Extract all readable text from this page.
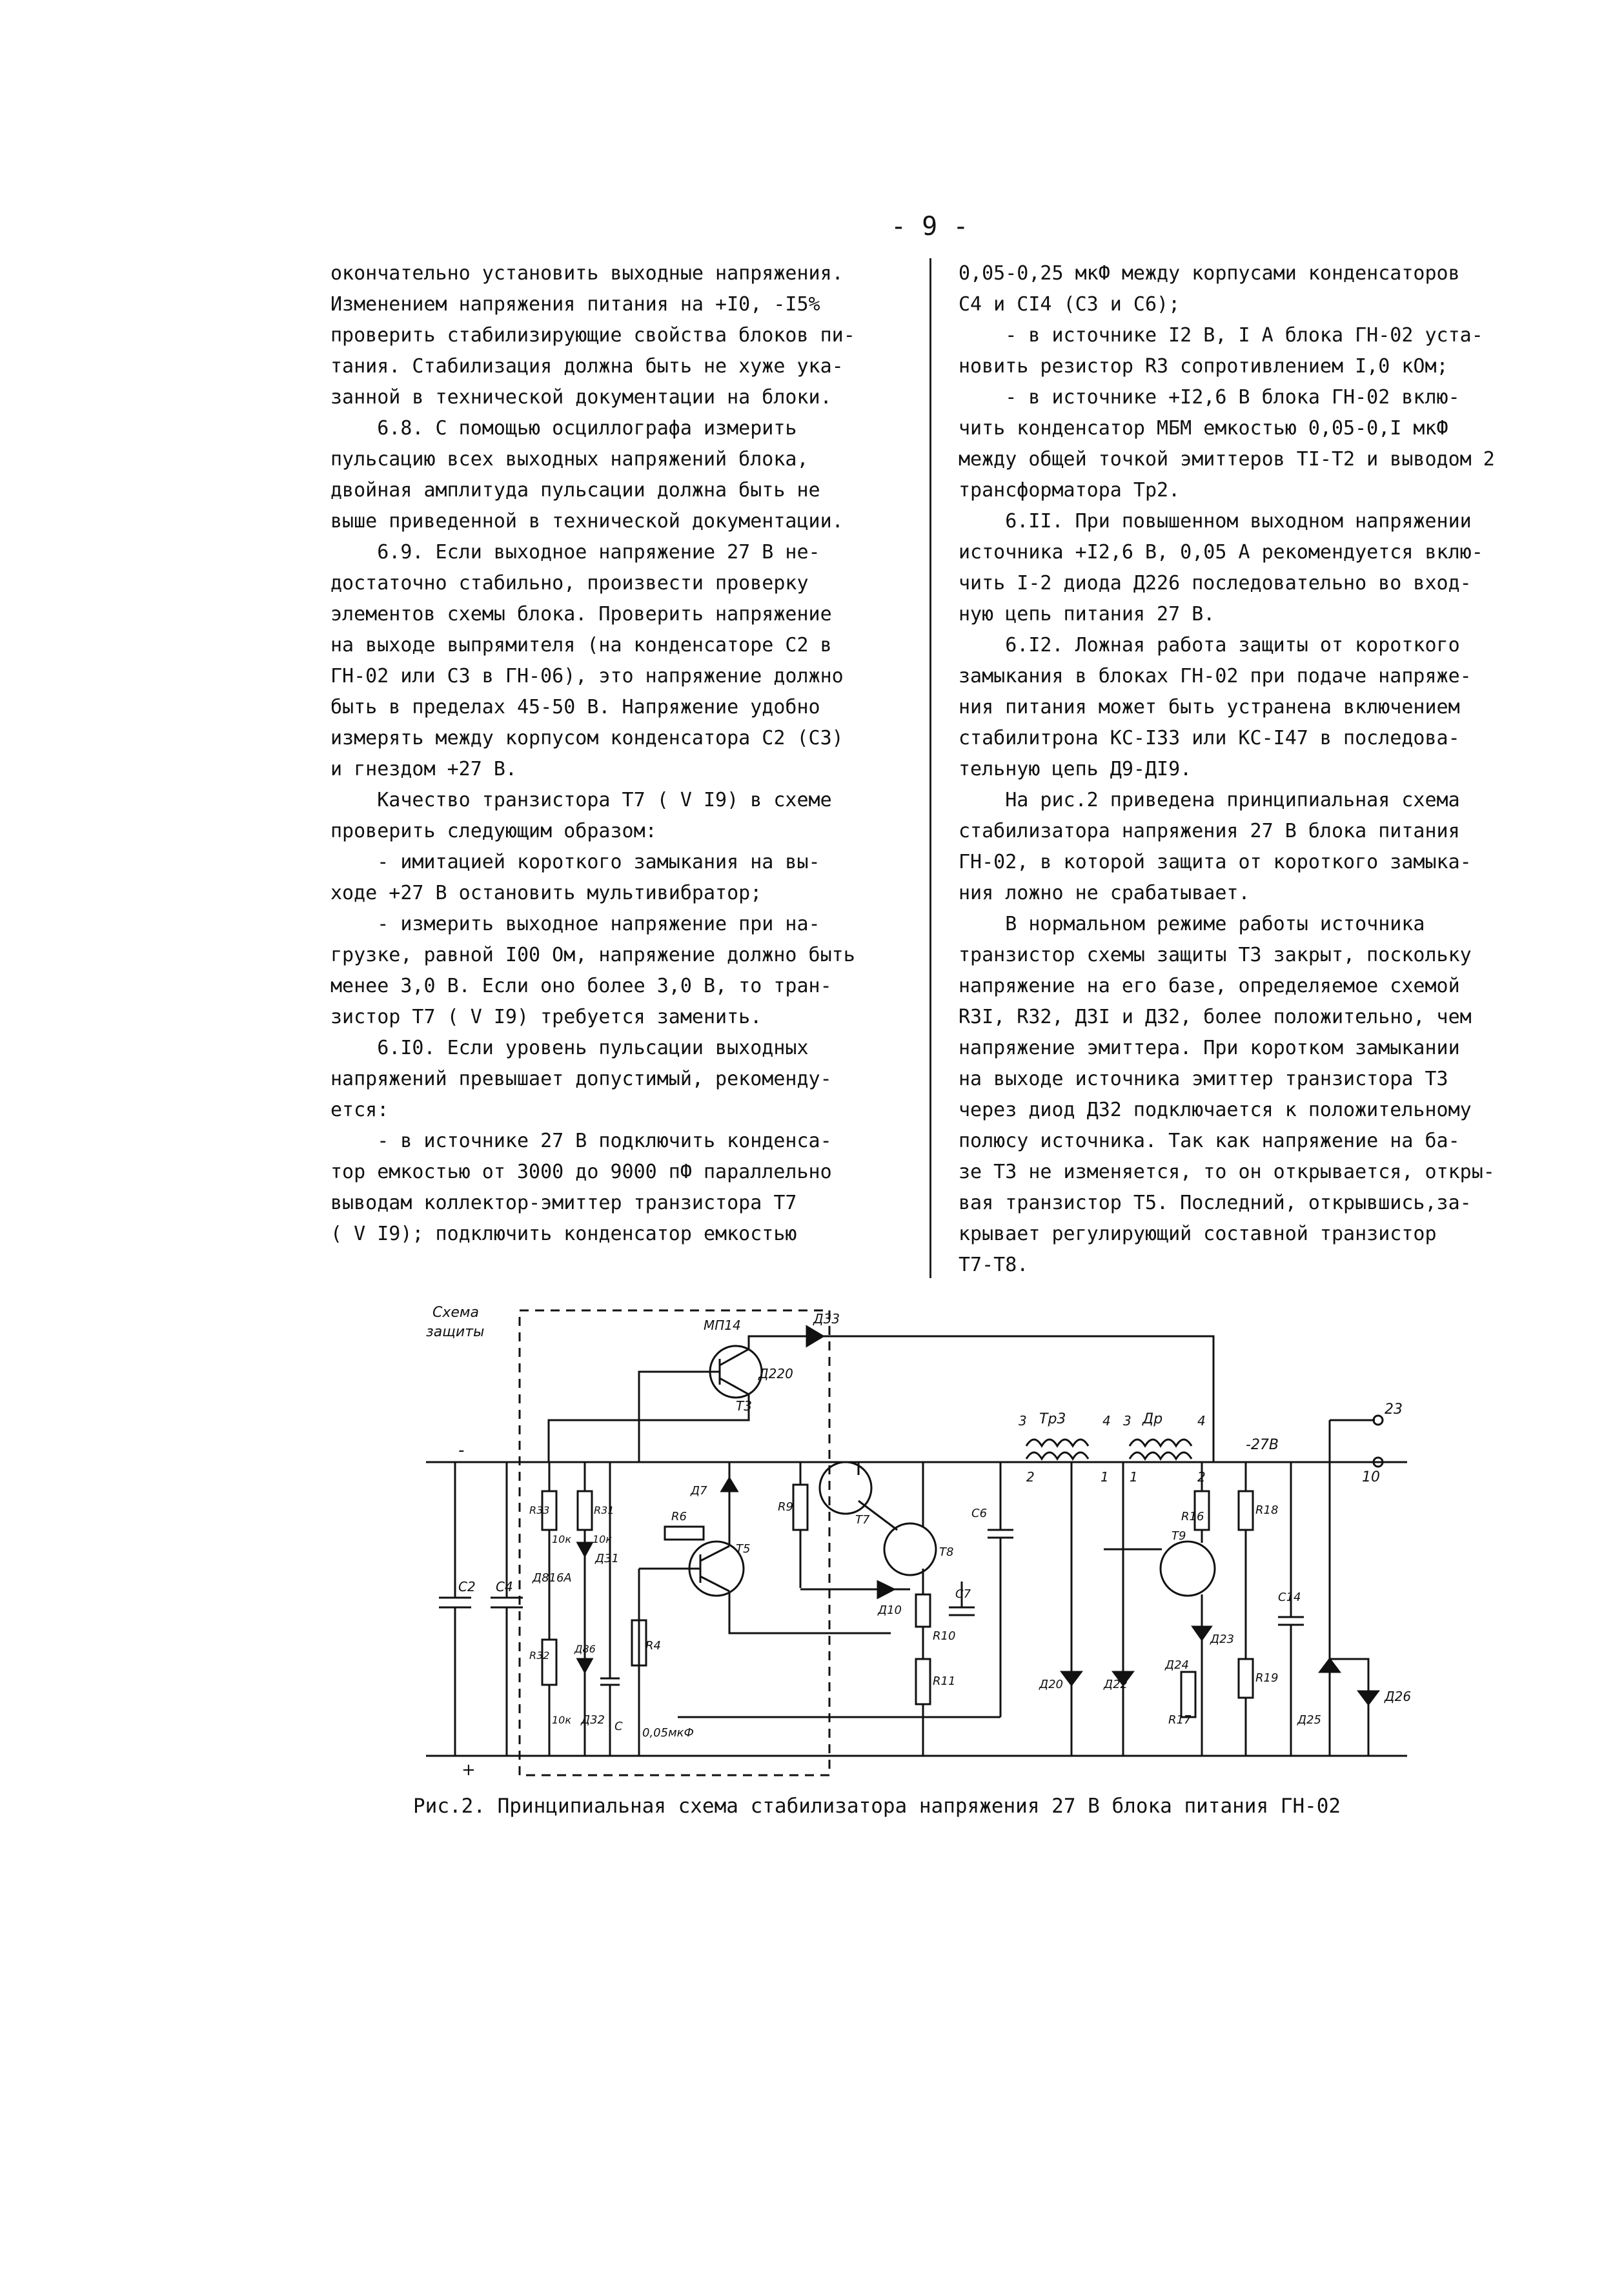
- 9 -

окончательно установить выходные напряжения.

Изменением напряжения питания на +I0, -I5%

проверить стабилизирующие свойства блоков пи-

тания. Стабилизация должна быть не хуже ука-

занной в технической документации на блоки.

6.8. С помощью осциллографа измерить

пульсацию всех выходных напряжений блока,

двойная амплитуда пульсации должна быть не

выше приведенной в технической документации.

6.9. Если выходное напряжение 27 В не-

достаточно стабильно, произвести проверку

элементов схемы блока. Проверить напряжение

на выходе выпрямителя (на конденсаторе С2 в

ГН-02 или С3 в ГН-06), это напряжение должно

быть в пределах 45-50 В. Напряжение удобно

измерять между корпусом конденсатора С2 (С3)

и гнездом +27 В.

Качество транзистора Т7 ( V I9) в схеме

проверить следующим образом:

- имитацией короткого замыкания на вы-

ходе +27 В остановить мультивибратор;

- измерить выходное напряжение при на-

грузке, равной I00 Ом, напряжение должно быть

менее 3,0 В. Если оно более 3,0 В, то тран-

зистор Т7 ( V I9) требуется заменить.

6.I0. Если уровень пульсации выходных

напряжений превышает допустимый, рекоменду-

ется:

- в источнике 27 В подключить конденса-

тор емкостью от 3000 до 9000 пФ параллельно

выводам коллектор-эмиттер транзистора Т7

( V I9); подключить конденсатор емкостью

0,05-0,25 мкФ между корпусами конденсаторов

С4 и СI4 (С3 и С6);

- в источнике I2 В, I А блока ГН-02 уста-

новить резистор R3 сопротивлением I,0 кОм;

- в источнике +I2,6 В блока ГН-02 вклю-

чить конденсатор МБМ емкостью 0,05-0,I мкФ

между общей точкой эмиттеров ТI-Т2 и выводом 2

трансформатора Тр2.

6.II. При повышенном выходном напряжении

источника +I2,6 В, 0,05 А рекомендуется вклю-

чить I-2 диода Д226 последовательно во вход-

ную цепь питания 27 В.

6.I2. Ложная работа защиты от короткого

замыкания в блоках ГН-02 при подаче напряже-

ния питания может быть устранена включением

стабилитрона КС-I33 или КС-I47 в последова-

тельную цепь Д9-ДI9.

На рис.2 приведена принципиальная схема

стабилизатора напряжения 27 В блока питания

ГН-02, в которой защита от короткого замыка-

ния ложно не срабатывает.

В нормальном режиме работы источника

транзистор схемы защиты Т3 закрыт, поскольку

напряжение на его базе, определяемое схемой

R3I, R32, Д3I и Д32, более положительно, чем

напряжение эмиттера. При коротком замыкании

на выходе источника эмиттер транзистора Т3

через диод Д32 подключается к положительному

полюсу источника. Так как напряжение на ба-

зе Т3 не изменяется, то он открывается, откры-

вая транзистор Т5. Последний, открывшись,за-

крывает регулирующий составной транзистор

Т7-Т8.

Схема
защиты	МП14	Д33
Д220
Т3
Тр3	Др
3	4 3	4
2	1 1	2
-27В
23
10
-
+
R33	R31
10к 10к
Д31
Д816А
R32
10к Д32
Д86
С 0,05мкФ
С2 С4
Д7
R6
Т5
R4
R9
Т7
Т8
Д10
С7
R10
R11
С6
Д20	Д22
R16
Т9
Д23
Д24
R17
R18
R19
С14
Д25
Д26
Рис.2. Принципиальная схема стабилизатора напряжения 27 В блока питания ГН-02
